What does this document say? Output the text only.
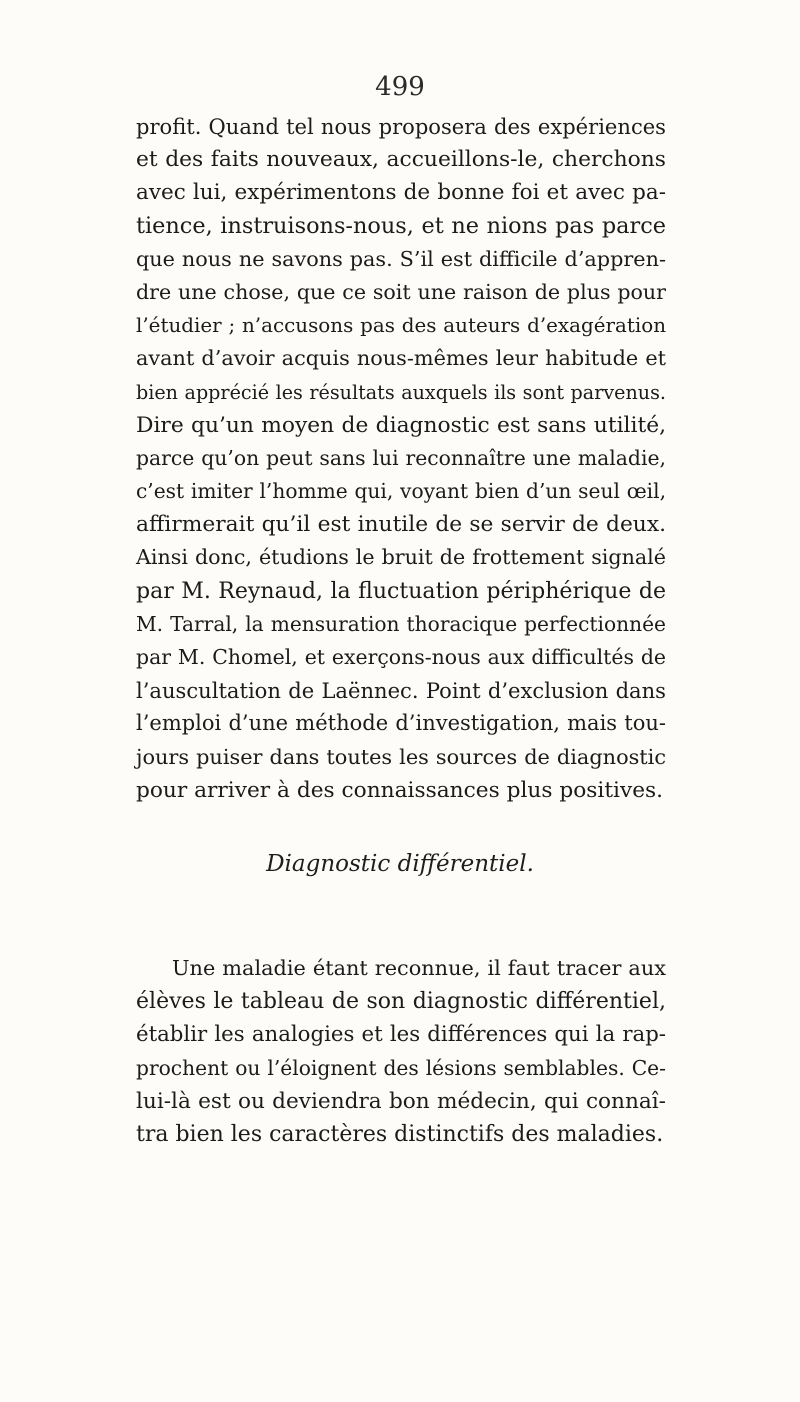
499
profit. Quand tel nous proposera des expériences
et des faits nouveaux, accueillons-le, cherchons
avec lui, expérimentons de bonne foi et avec pa-
tience, instruisons-nous, et ne nions pas parce
que nous ne savons pas. S’il est difficile d’appren-
dre une chose, que ce soit une raison de plus pour
l’étudier ; n’accusons pas des auteurs d’exagération
avant d’avoir acquis nous-mêmes leur habitude et
bien apprécié les résultats auxquels ils sont parvenus.
Dire qu’un moyen de diagnostic est sans utilité,
parce qu’on peut sans lui reconnaître une maladie,
c’est imiter l’homme qui, voyant bien d’un seul œil,
affirmerait qu’il est inutile de se servir de deux.
Ainsi donc, étudions le bruit de frottement signalé
par M. Reynaud, la fluctuation périphérique de
M. Tarral, la mensuration thoracique perfectionnée
par M. Chomel, et exerçons-nous aux difficultés de
l’auscultation de Laënnec. Point d’exclusion dans
l’emploi d’une méthode d’investigation, mais tou-
jours puiser dans toutes les sources de diagnostic
pour arriver à des connaissances plus positives.
Diagnostic différentiel.
Une maladie étant reconnue, il faut tracer aux
élèves le tableau de son diagnostic différentiel,
établir les analogies et les différences qui la rap-
prochent ou l’éloignent des lésions semblables. Ce-
lui-là est ou deviendra bon médecin, qui connaî-
tra bien les caractères distinctifs des maladies.
